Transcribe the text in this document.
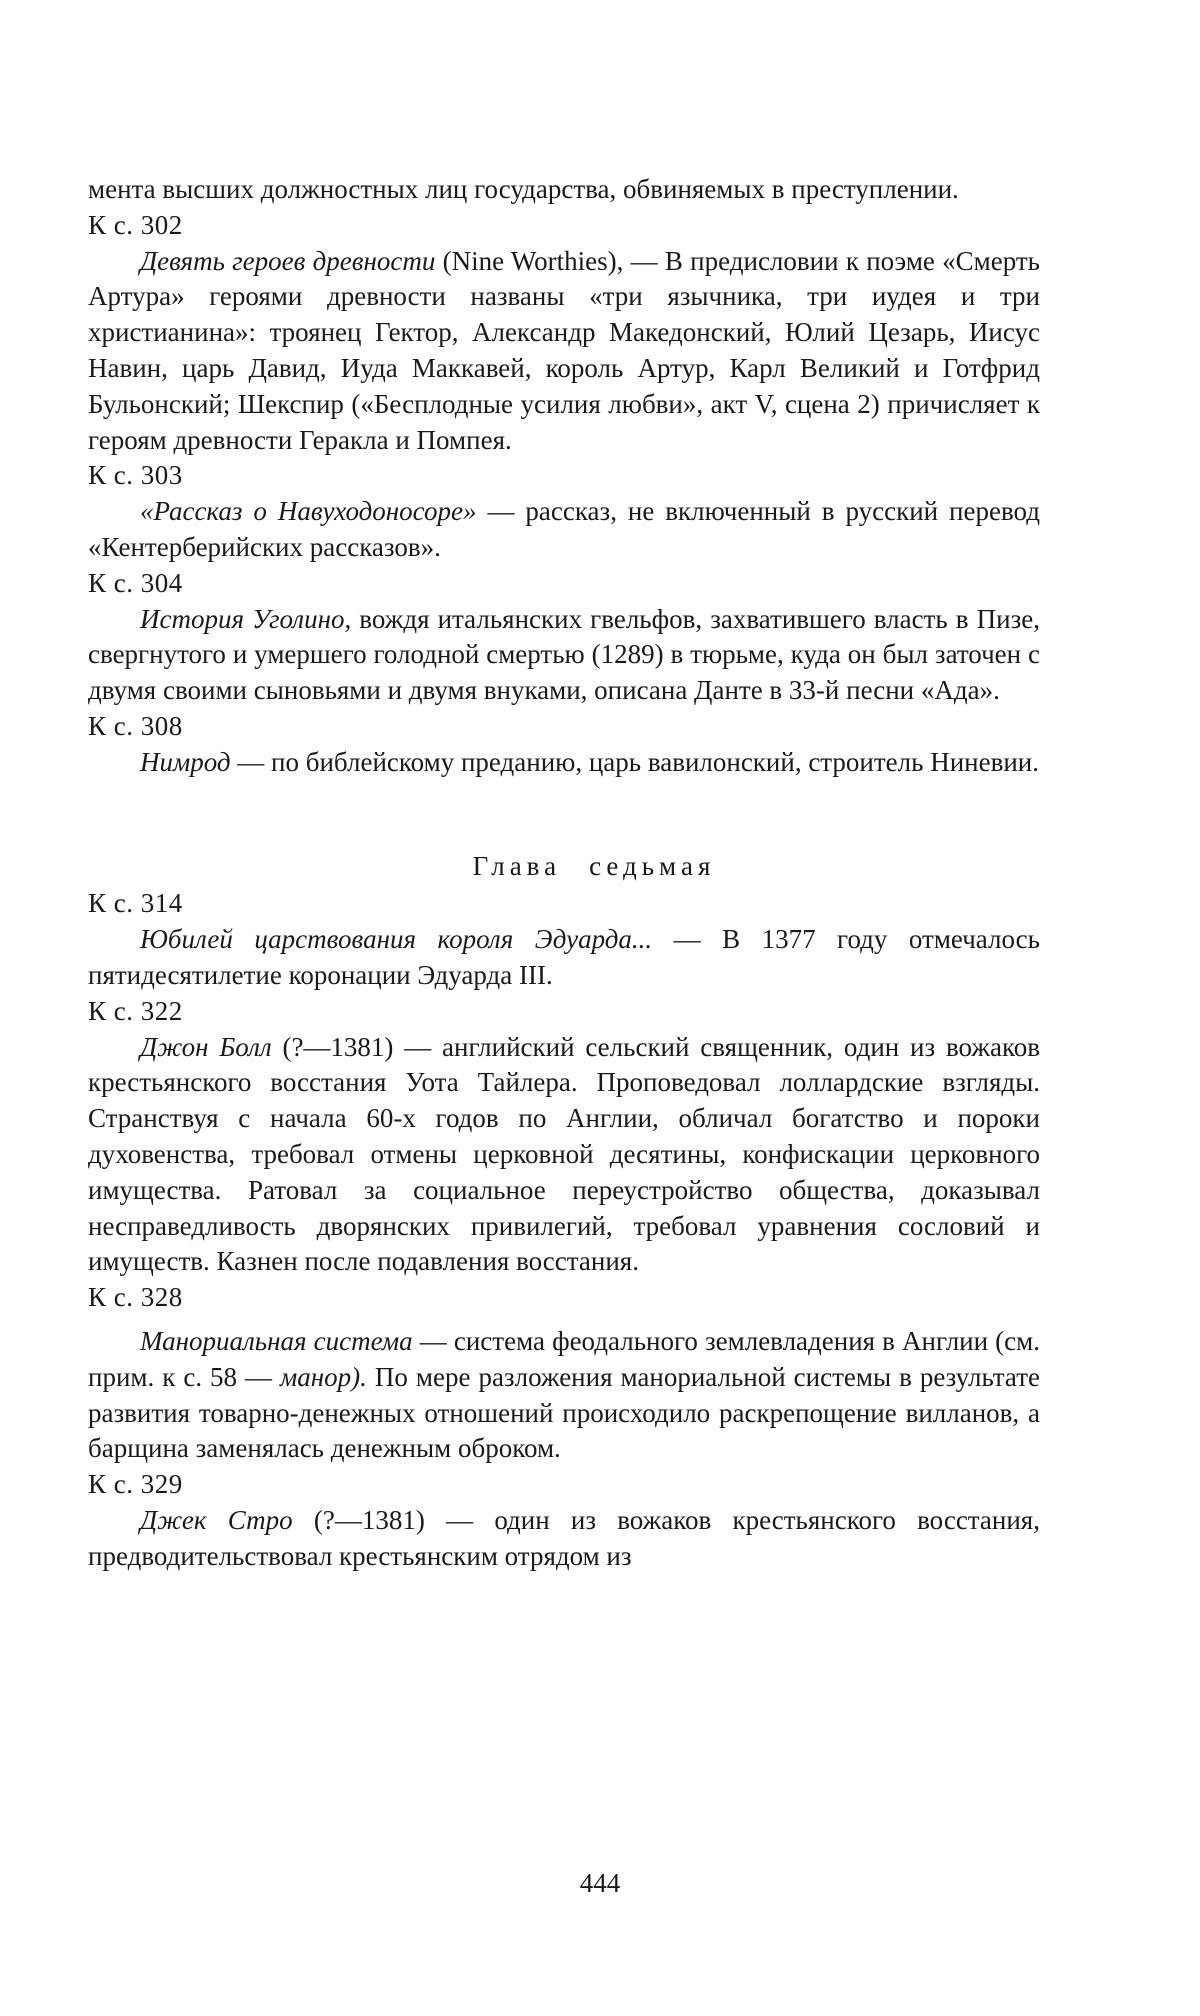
мента высших должностных лиц государства, обвиняемых в преступлении.

К с. 302

Девять героев древности (Nine Worthies), — В предисловии к поэме «Смерть Артура» героями древности названы «три язычника, три иудея и три христианина»: троянец Гектор, Александр Македонский, Юлий Цезарь, Иисус Навин, царь Давид, Иуда Маккавей, король Артур, Карл Великий и Готфрид Бульонский; Шекспир («Бесплодные усилия любви», акт V, сцена 2) причисляет к героям древности Геракла и Помпея.

К с. 303

«Рассказ о Навуходоносоре» — рассказ, не включенный в русский перевод «Кентерберийских рассказов».

К с. 304

История Уголино, вождя итальянских гвельфов, захватившего власть в Пизе, свергнутого и умершего голодной смертью (1289) в тюрьме, куда он был заточен с двумя своими сыновьями и двумя внуками, описана Данте в 33-й песни «Ада».

К с. 308

Нимрод — по библейскому преданию, царь вавилонский, строитель Ниневии.

Глава седьмая

К с. 314

Юбилей царствования короля Эдуарда... — В 1377 году отмечалось пятидесятилетие коронации Эдуарда III.

К с. 322

Джон Болл (?—1381) — английский сельский священник, один из вожаков крестьянского восстания Уота Тайлера. Проповедовал лоллардские взгляды. Странствуя с начала 60-х годов по Англии, обличал богатство и пороки духовенства, требовал отмены церковной десятины, конфискации церковного имущества. Ратовал за социальное переустройство общества, доказывал несправедливость дворянских привилегий, требовал уравнения сословий и имуществ. Казнен после подавления восстания.

К с. 328

Манориальная система — система феодального землевладения в Англии (см. прим. к с. 58 — манор). По мере разложения манориальной системы в результате развития товарно-денежных отношений происходило раскрепощение вилланов, а барщина заменялась денежным оброком.

К с. 329

Джек Стро (?—1381) — один из вожаков крестьянского восстания, предводительствовал крестьянским отрядом из

444
